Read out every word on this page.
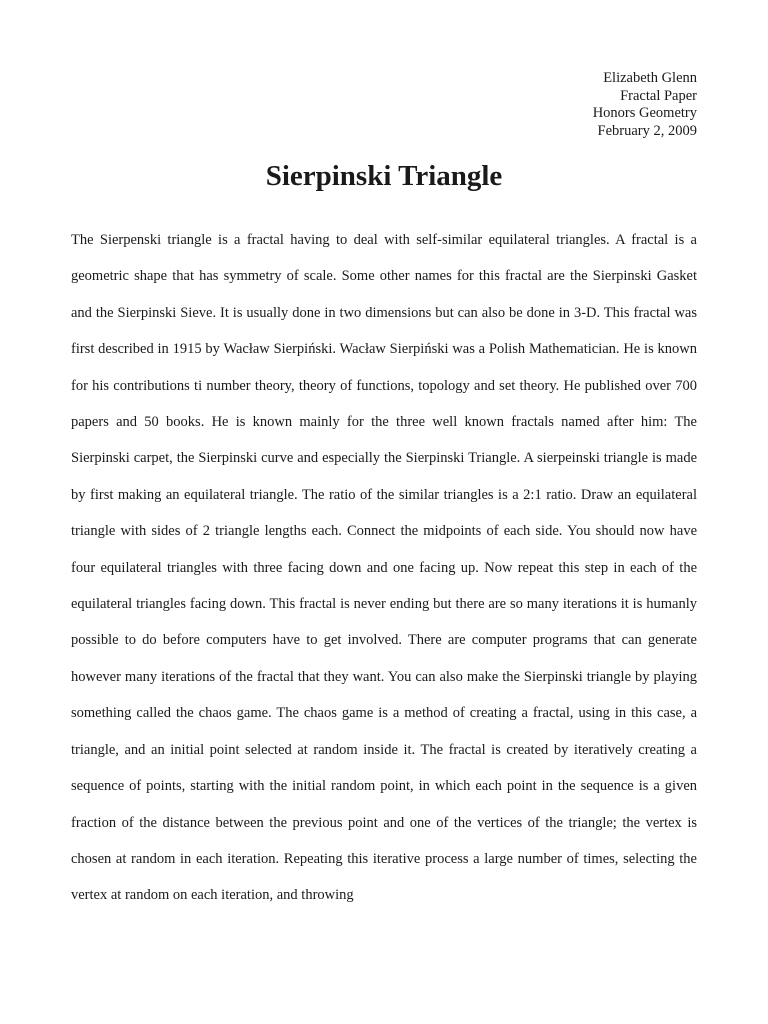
Elizabeth Glenn
Fractal Paper
Honors Geometry
February 2, 2009
Sierpinski Triangle

The Sierpenski triangle is a fractal having to deal with self-similar equilateral triangles. A fractal is a geometric shape that has symmetry of scale. Some other names for this fractal are the Sierpinski Gasket and the Sierpinski Sieve. It is usually done in two dimensions but can also be done in 3-D. This fractal was first described in 1915 by Wacław Sierpiński. Wacław Sierpiński was a Polish Mathematician. He is known for his contributions ti number theory, theory of functions, topology and set theory. He published over 700 papers and 50 books. He is known mainly for the three well known fractals named after him: The Sierpinski carpet, the Sierpinski curve and especially the Sierpinski Triangle. A sierpeinski triangle is made by first making an equilateral triangle. The ratio of the similar triangles is a 2:1 ratio. Draw an equilateral triangle with sides of 2 triangle lengths each. Connect the midpoints of each side. You should now have four equilateral triangles with three facing down and one facing up. Now repeat this step in each of the equilateral triangles facing down. This fractal is never ending but there are so many iterations it is humanly possible to do before computers have to get involved. There are computer programs that can generate however many iterations of the fractal that they want. You can also make the Sierpinski triangle by playing something called the chaos game. The chaos game is a method of creating a fractal, using in this case, a triangle, and an initial point selected at random inside it. The fractal is created by iteratively creating a sequence of points, starting with the initial random point, in which each point in the sequence is a given fraction of the distance between the previous point and one of the vertices of the triangle; the vertex is chosen at random in each iteration. Repeating this iterative process a large number of times, selecting the vertex at random on each iteration, and throwing
